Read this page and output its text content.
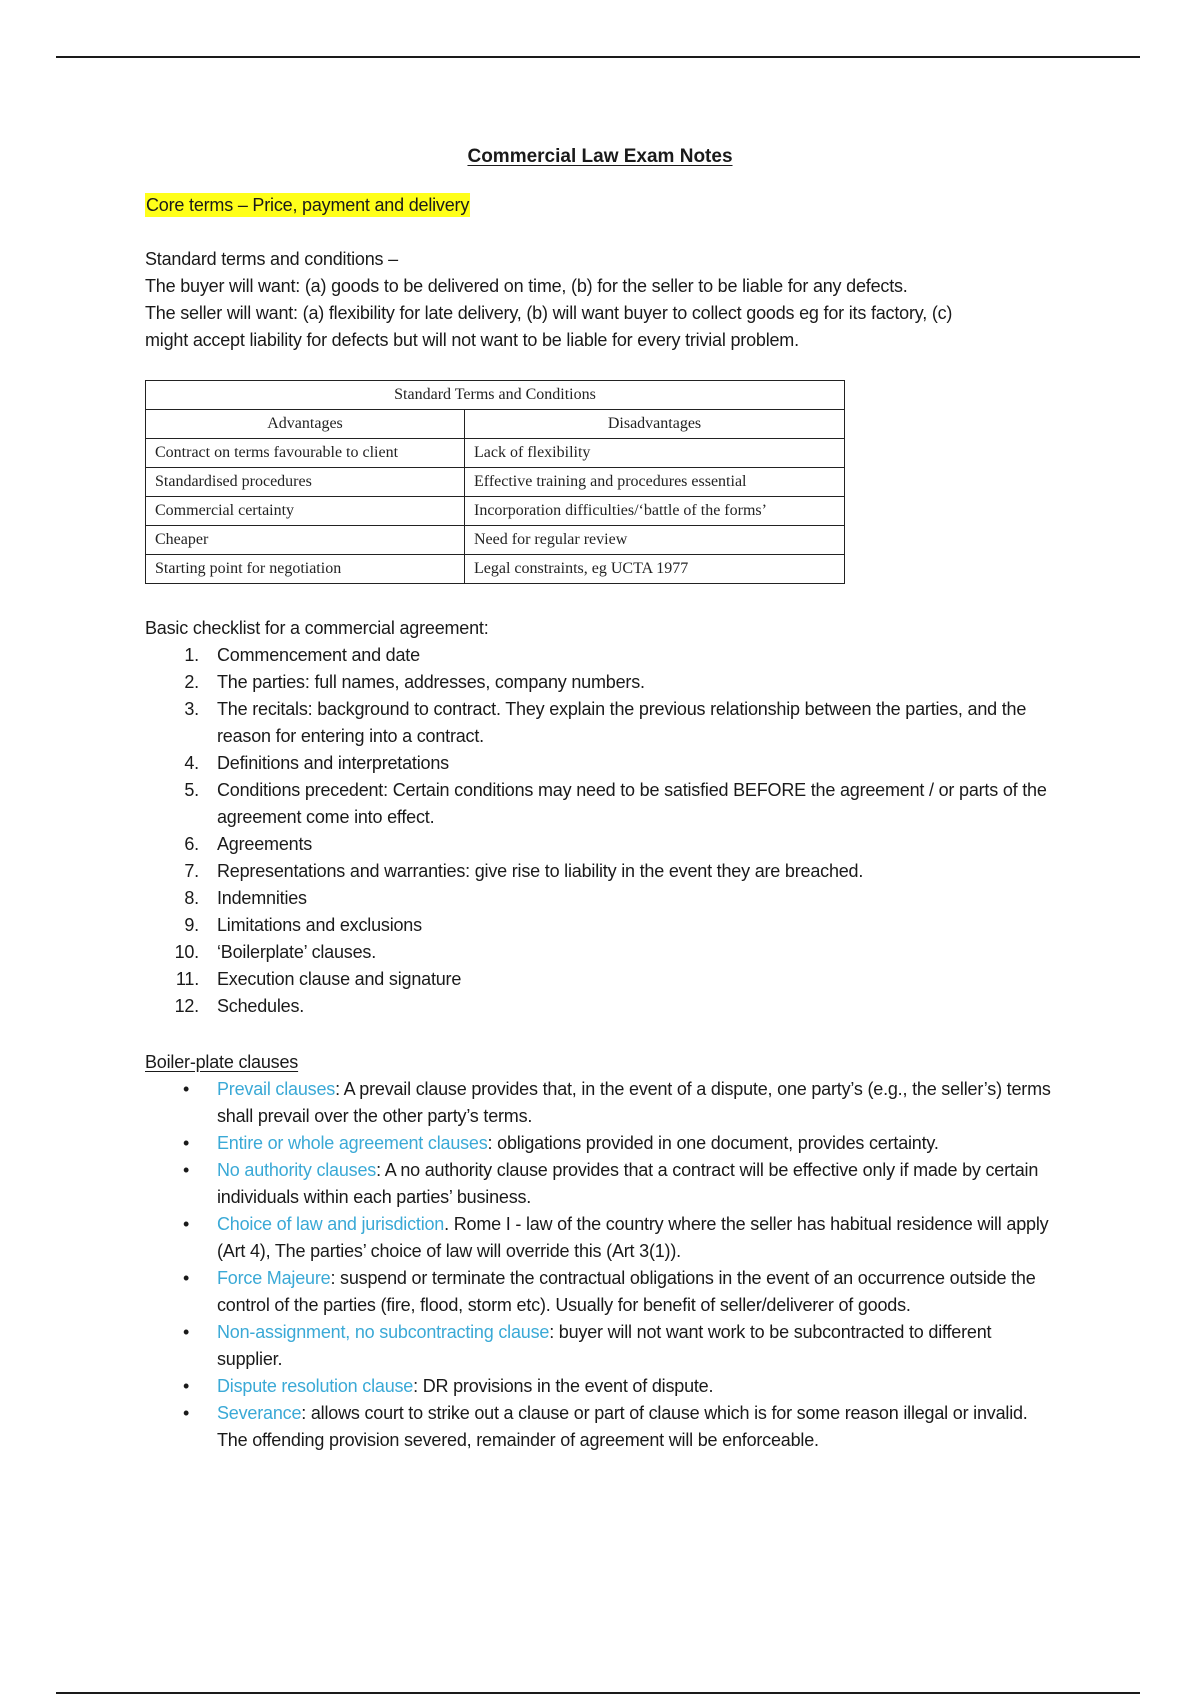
Commercial Law Exam Notes
Core terms – Price, payment and delivery
Standard terms and conditions –
The buyer will want: (a) goods to be delivered on time, (b) for the seller to be liable for any defects.
The seller will want: (a) flexibility for late delivery, (b) will want buyer to collect goods eg for its factory, (c) might accept liability for defects but will not want to be liable for every trivial problem.
Standard Terms and Conditions	
Advantages	Disadvantages
Contract on terms favourable to client	Lack of flexibility
Standardised procedures	Effective training and procedures essential
Commercial certainty	Incorporation difficulties/‘battle of the forms’
Cheaper	Need for regular review
Starting point for negotiation	Legal constraints, eg UCTA 1977
Basic checklist for a commercial agreement:
1. Commencement and date
2. The parties: full names, addresses, company numbers.
3. The recitals: background to contract. They explain the previous relationship between the parties, and the reason for entering into a contract.
4. Definitions and interpretations
5. Conditions precedent: Certain conditions may need to be satisfied BEFORE the agreement / or parts of the agreement come into effect.
6. Agreements
7. Representations and warranties: give rise to liability in the event they are breached.
8. Indemnities
9. Limitations and exclusions
10. ‘Boilerplate’ clauses.
11. Execution clause and signature
12. Schedules.
Boiler-plate clauses
• Prevail clauses: A prevail clause provides that, in the event of a dispute, one party’s (e.g., the seller’s) terms shall prevail over the other party’s terms.
• Entire or whole agreement clauses: obligations provided in one document, provides certainty.
• No authority clauses: A no authority clause provides that a contract will be effective only if made by certain individuals within each parties’ business.
• Choice of law and jurisdiction. Rome I - law of the country where the seller has habitual residence will apply (Art 4), The parties’ choice of law will override this (Art 3(1)).
• Force Majeure: suspend or terminate the contractual obligations in the event of an occurrence outside the control of the parties (fire, flood, storm etc). Usually for benefit of seller/deliverer of goods.
• Non-assignment, no subcontracting clause: buyer will not want work to be subcontracted to different supplier.
• Dispute resolution clause: DR provisions in the event of dispute.
• Severance: allows court to strike out a clause or part of clause which is for some reason illegal or invalid. The offending provision severed, remainder of agreement will be enforceable.
